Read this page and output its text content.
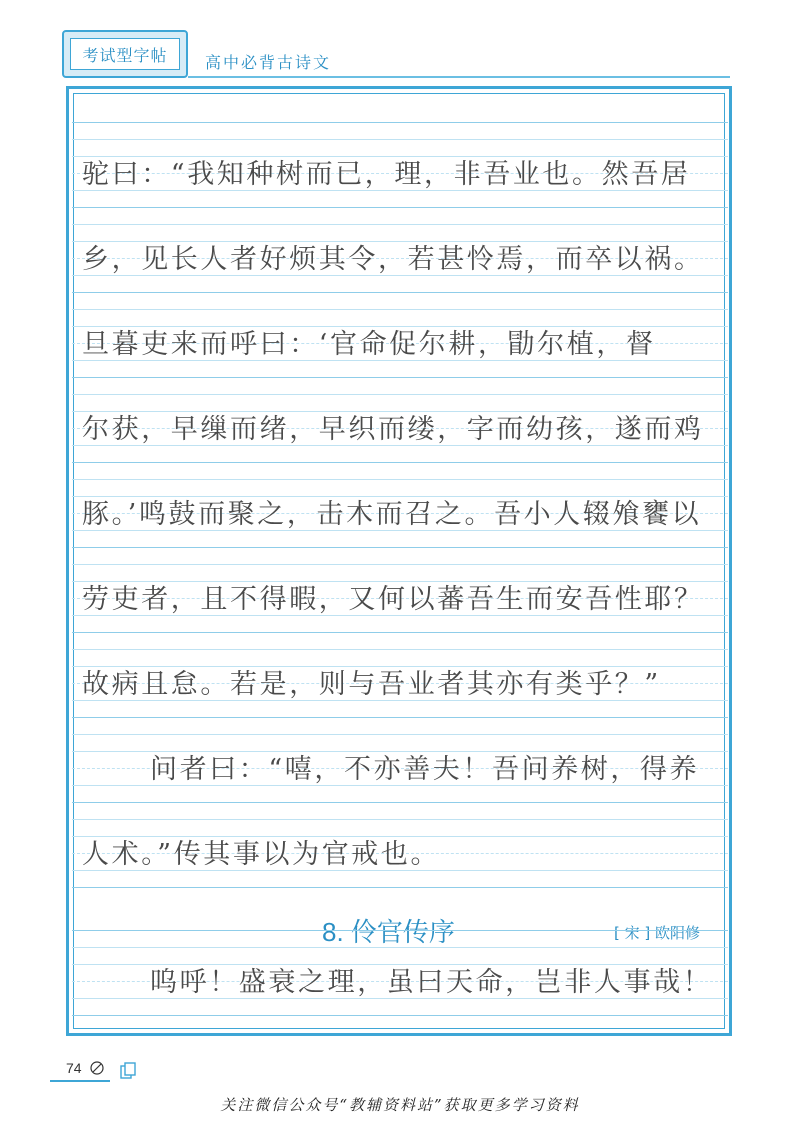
考试型字帖	高中必背古诗文
驼曰：“我知种树而已，理，非吾业也。然吾居
乡，见长人者好烦其令，若甚怜焉，而卒以祸。
旦暮吏来而呼曰：‘官命促尔耕，勖尔植，督
尔获，早缫而绪，早织而缕，字而幼孩，遂而鸡
豚。’鸣鼓而聚之，击木而召之。吾小人辍飧饔以
劳吏者，且不得暇，又何以蕃吾生而安吾性耶？
故病且怠。若是，则与吾业者其亦有类乎？”
问者曰：“嘻，不亦善夫！吾问养树，得养
人术。”传其事以为官戒也。
呜呼！盛衰之理，虽曰天命，岂非人事哉！
74
关注微信公众号“教辅资料站”获取更多学习资料
